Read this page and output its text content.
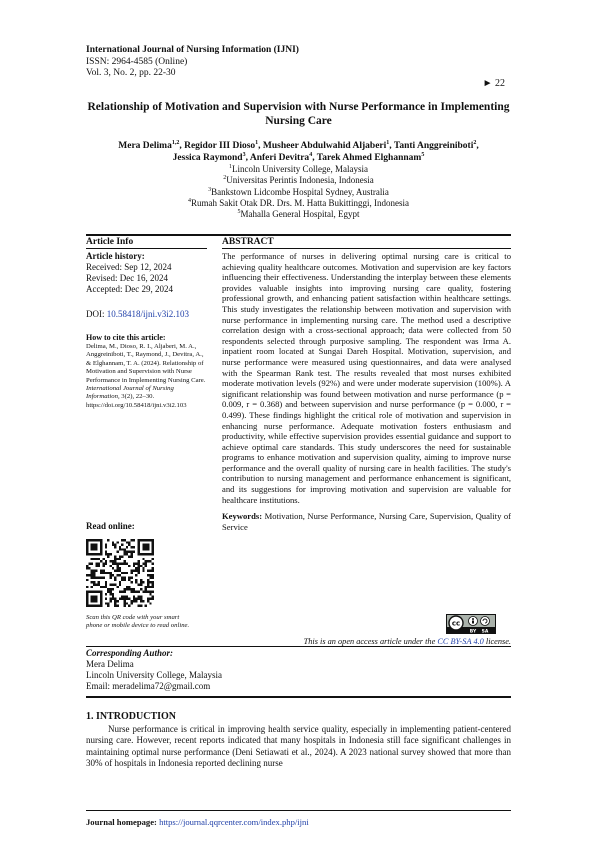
International Journal of Nursing Information (IJNI)
ISSN: 2964-4585 (Online)
Vol. 3, No. 2, pp. 22-30
► 22
Relationship of Motivation and Supervision with Nurse Performance in Implementing Nursing Care
Mera Delima$^{1,2}$, Regidor III Dioso$^1$, Musheer Abdulwahid Aljaberi$^1$, Tanti Anggreiniboti$^2$,
Jessica Raymond$^3$, Anferi Devitra$^4$, Tarek Ahmed Elghannam$^5$
$^1$Lincoln University College, Malaysia
$^2$Universitas Perintis Indonesia, Indonesia
$^3$Bankstown Lidcombe Hospital Sydney, Australia
$^4$Rumah Sakit Otak DR. Drs. M. Hatta Bukittinggi, Indonesia
$^5$Mahalla General Hospital, Egypt
Article Info
Article history:
Received: Sep 12, 2024
Revised: Dec 16, 2024
Accepted: Dec 29, 2024
DOI: 10.58418/ijni.v3i2.103
How to cite this article:
Delima, M., Dioso, R. I., Aljaberi, M. A., Anggreiniboti, T., Raymond, J., Devitra, A., & Elghannam, T. A. (2024). Relationship of Motivation and Supervision with Nurse Performance in Implementing Nursing Care. International Journal of Nursing Information, 3(2), 22–30. https://doi.org/10.58418/ijni.v3i2.103
Read online:
Scan this QR code with your smart phone or mobile device to read online.
ABSTRACT
The performance of nurses in delivering optimal nursing care is critical to achieving quality healthcare outcomes. Motivation and supervision are key factors influencing their effectiveness. Understanding the interplay between these elements provides valuable insights into improving nursing care quality, fostering professional growth, and enhancing patient satisfaction within healthcare settings. This study investigates the relationship between motivation and supervision with nurse performance in implementing nursing care. The method used a descriptive correlation design with a cross-sectional approach; data were collected from 50 respondents selected through purposive sampling. The respondent was Irma A. inpatient room located at Sungai Dareh Hospital. Motivation, supervision, and nurse performance were measured using questionnaires, and data were analysed with the Spearman Rank test. The results revealed that most nurses exhibited moderate motivation levels (92%) and were under moderate supervision (100%). A significant relationship was found between motivation and nurse performance (p = 0.009, r = 0.368) and between supervision and nurse performance (p = 0.000, r = 0.499). These findings highlight the critical role of motivation and supervision in enhancing nurse performance. Adequate motivation fosters enthusiasm and productivity, while effective supervision provides essential guidance and support to achieve optimal care standards. This study underscores the need for sustainable programs to enhance motivation and supervision quality, aiming to improve nurse performance and the overall quality of nursing care in health facilities. The study's contribution to nursing management and performance enhancement is significant, and its suggestions for improving motivation and supervision are valuable for healthcare institutions.
Keywords: Motivation, Nurse Performance, Nursing Care, Supervision, Quality of Service
cc
BY SA
This is an open access article under the CC BY-SA 4.0 license.
Corresponding Author:
Mera Delima
Lincoln University College, Malaysia
Email: meradelima72@gmail.com
1. INTRODUCTION
Nurse performance is critical in improving health service quality, especially in implementing patient-centered nursing care. However, recent reports indicated that many hospitals in Indonesia still face significant challenges in maintaining optimal nurse performance (Deni Setiawati et al., 2024). A 2023 national survey showed that more than 30% of hospitals in Indonesia reported declining nurse
Journal homepage: https://journal.qqrcenter.com/index.php/ijni
